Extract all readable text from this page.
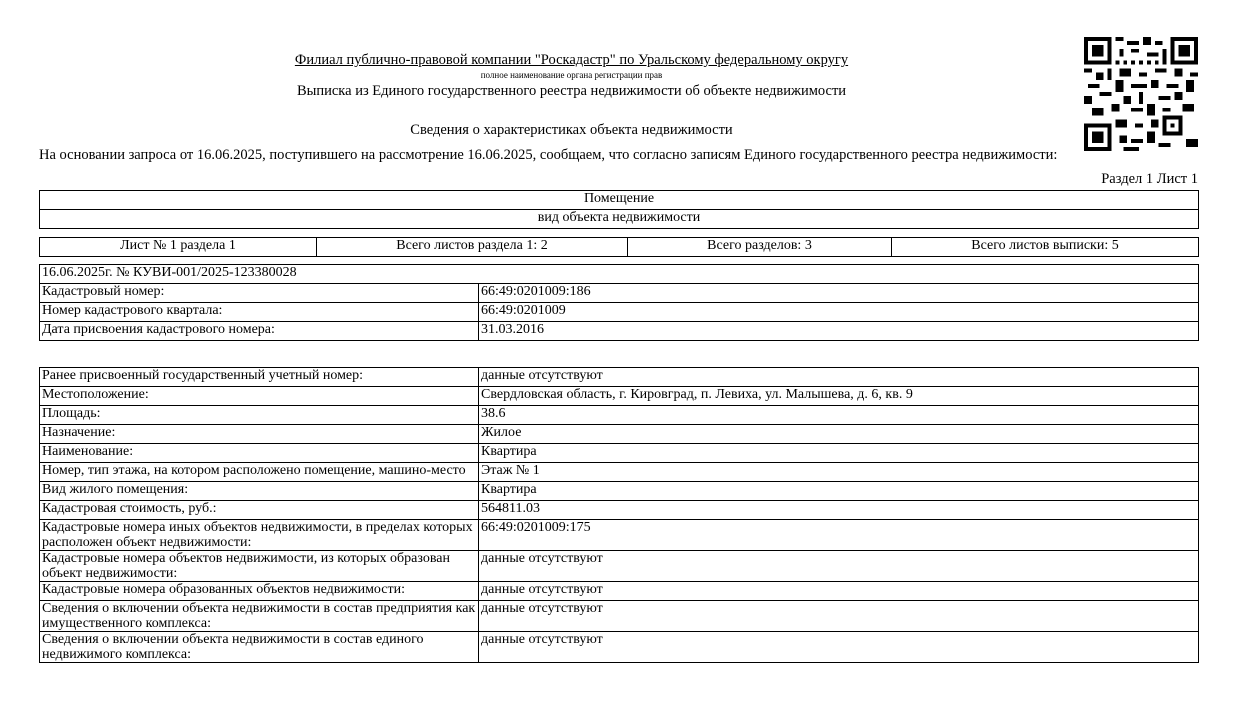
Филиал публично-правовой компании "Роскадастр" по Уральскому федеральному округу
полное наименование органа регистрации прав
Выписка из Единого государственного реестра недвижимости об объекте недвижимости
Сведения о характеристиках объекта недвижимости
На основании запроса от 16.06.2025, поступившего на рассмотрение 16.06.2025, сообщаем, что согласно записям Единого государственного реестра недвижимости:
Раздел 1 Лист 1
Помещение
вид объекта недвижимости
Лист № 1 раздела 1	Всего листов раздела 1: 2	Всего разделов: 3	Всего листов выписки: 5
16.06.2025г. № КУВИ-001/2025-123380028	
Кадастровый номер:	66:49:0201009:186
Номер кадастрового квартала:	66:49:0201009
Дата присвоения кадастрового номера:	31.03.2016
Ранее присвоенный государственный учетный номер:	данные отсутствуют
Местоположение:	Свердловская область, г. Кировград, п. Левиха, ул. Малышева, д. 6, кв. 9
Площадь:	38.6
Назначение:	Жилое
Наименование:	Квартира
Номер, тип этажа, на котором расположено помещение, машино-место	Этаж № 1
Вид жилого помещения:	Квартира
Кадастровая стоимость, руб.:	564811.03
Кадастровые номера иных объектов недвижимости, в пределах которых расположен объект недвижимости:	66:49:0201009:175
Кадастровые номера объектов недвижимости, из которых образован объект недвижимости:	данные отсутствуют
Кадастровые номера образованных объектов недвижимости:	данные отсутствуют
Сведения о включении объекта недвижимости в состав предприятия как имущественного комплекса:	данные отсутствуют
Сведения о включении объекта недвижимости в состав единого недвижимого комплекса:	данные отсутствуют
